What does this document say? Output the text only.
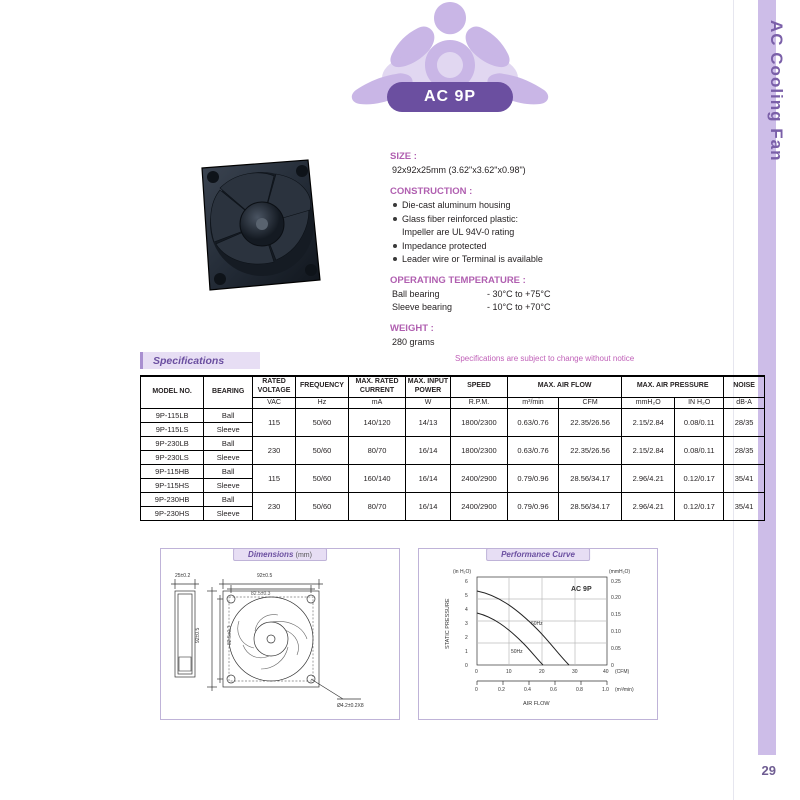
AC Cooling Fan
29
AC 9P
SIZE :
92x92x25mm (3.62"x3.62"x0.98")
CONSTRUCTION :
Die-cast aluminum housing
Glass fiber reinforced plastic:
Impeller are UL 94V-0 rating
Impedance protected
Leader wire or Terminal is available
OPERATING TEMPERATURE :
Ball bearing	- 30°C to +75°C
Sleeve bearing	- 10°C to +70°C
WEIGHT :
280 grams
Specifications	Specifications are subject to change without notice
MODEL NO.	BEARING	RATED VOLTAGE	FREQUENCY	MAX. RATED CURRENT	MAX. INPUT POWER	SPEED	MAX. AIR FLOW		MAX. AIR PRESSURE		NOISE
		VAC	Hz	mA	W	R.P.M.	m³/min	CFM	mmH₂O	IN H₂O	dB-A
9P-115LB	Ball	115	50/60	140/120	14/13	1800/2300	0.63/0.76	22.35/26.56	2.15/2.84	0.08/0.11	28/35
9P-115LS	Sleeve										
9P-230LB	Ball	230	50/60	80/70	16/14	1800/2300	0.63/0.76	22.35/26.56	2.15/2.84	0.08/0.11	28/35
9P-230LS	Sleeve										
9P-115HB	Ball	115	50/60	160/140	16/14	2400/2900	0.79/0.96	28.56/34.17	2.96/4.21	0.12/0.17	35/41
9P-115HS	Sleeve										
9P-230HB	Ball	230	50/60	80/70	16/14	2400/2900	0.79/0.96	28.56/34.17	2.96/4.21	0.12/0.17	35/41
9P-230HS	Sleeve										
Dimensions (mm)
25±0.2	92±0.5
82.5±0.3
92±0.5	82.5±0.3
Ø4.2±0.2X8
Performance Curve
0
1
2
3
4
5
6
0
0.05
0.10
0.15
0.20
0.25
(mmH₂O)
(in H₂O)
0	10	20	30	40 (CFM)
0	0.2	0.4	0.6	0.8	1.0 (m³/min)
AIR FLOW
STATIC PRESSURE
AC 9P
60Hz
50Hz
